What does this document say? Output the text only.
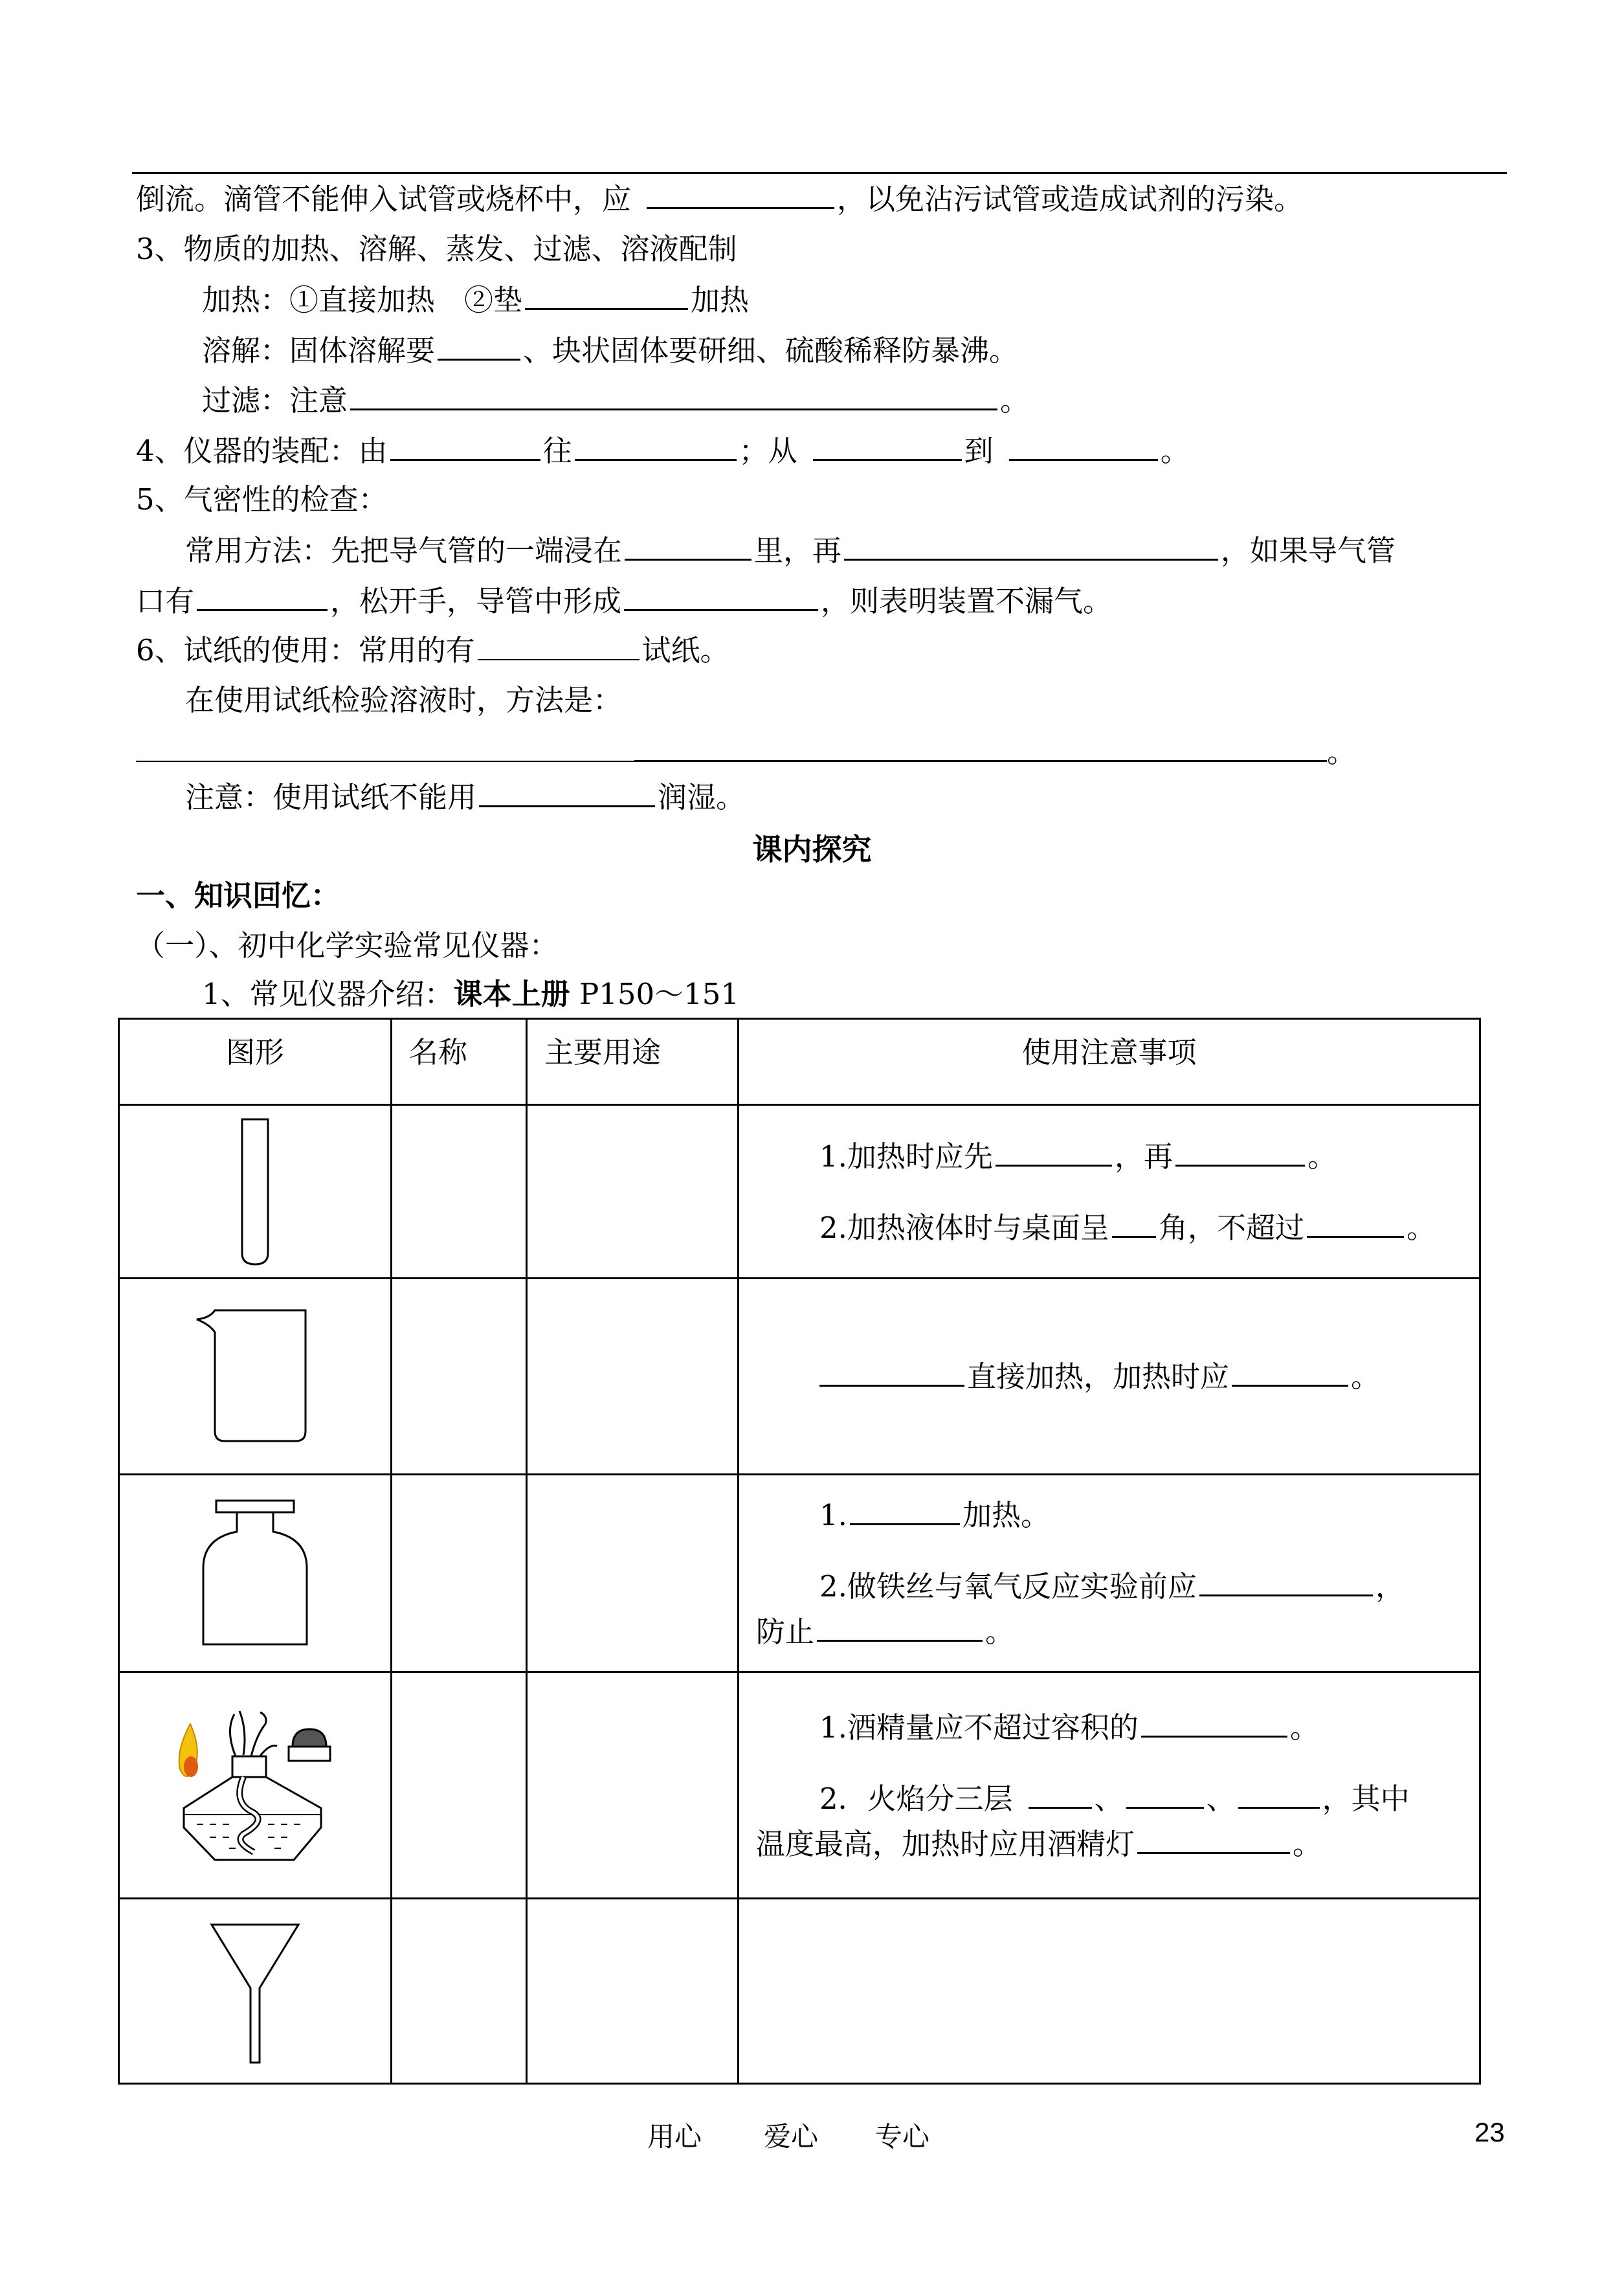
倒流。滴管不能伸入试管或烧杯中，应	，以免沾污试管或造成试剂的污染。
3、物质的加热、溶解、蒸发、过滤、溶液配制
加热：①直接加热　②垫	加热
溶解：固体溶解要	、块状固体要研细、硫酸稀释防暴沸。
过滤：注意	。
4、仪器的装配：由	往	；从	到	。
5、气密性的检查：
常用方法：先把导气管的一端浸在	里，再	，如果导气管
口有	，松开手，导管中形成	，则表明装置不漏气。
6、试纸的使用：常用的有	试纸。
在使用试纸检验溶液时，方法是：
。
注意：使用试纸不能用	润湿。
课内探究
一、知识回忆：
（一）、初中化学实验常见仪器：
1、常见仪器介绍：课本上册 P150～151
图形	名称	主要用途	使用注意事项

1.加热时应先 ，再 。
2.加热液体时与桌面呈 角，不超过 。

直接加热，加热时应 。

1. 加热。
2.做铁丝与氧气反应实验前应 ，
防止 。

1.酒精量应不超过容积的 。
2．火焰分三层 、 、 ，其中
温度最高，加热时应用酒精灯 。

用心 爱心 专心	23
